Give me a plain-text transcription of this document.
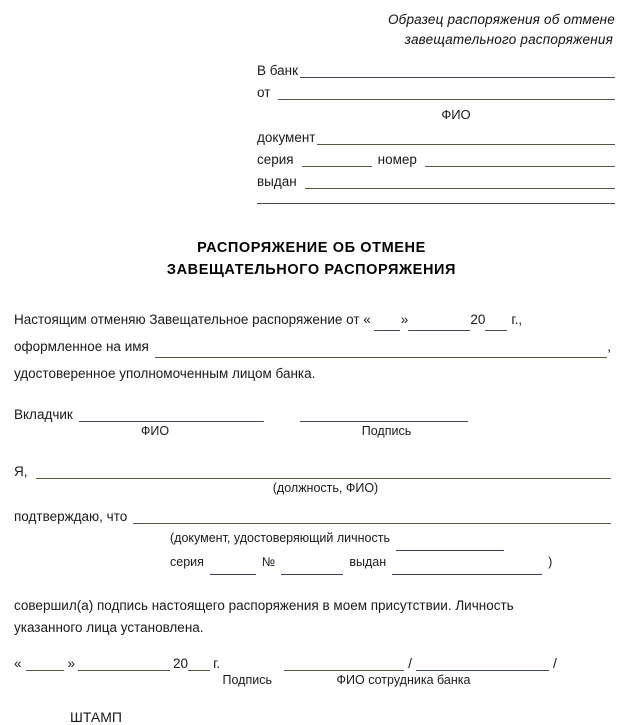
Образец распоряжения об отмене
завещательного распоряжения
В банк
от
ФИО
документ
серия	номер
выдан
РАСПОРЯЖЕНИЕ ОБ ОТМЕНЕ
ЗАВЕЩАТЕЛЬНОГО РАСПОРЯЖЕНИЯ
Настоящим отменяю Завещательное распоряжение от « »	20 г.,
оформленное на имя	,
удостоверенное уполномоченным лицом банка.
Вкладчик
ФИО	Подпись
Я,
(должность, ФИО)
подтверждаю, что
(документ, удостоверяющий личность
серия	№	выдан	)
совершил(а) подпись настоящего распоряжения в моем присутствии. Личность
указанного лица установлена.
«	»	20 г.	/	/
Подпись	ФИО сотрудника банка
ШТАМП
